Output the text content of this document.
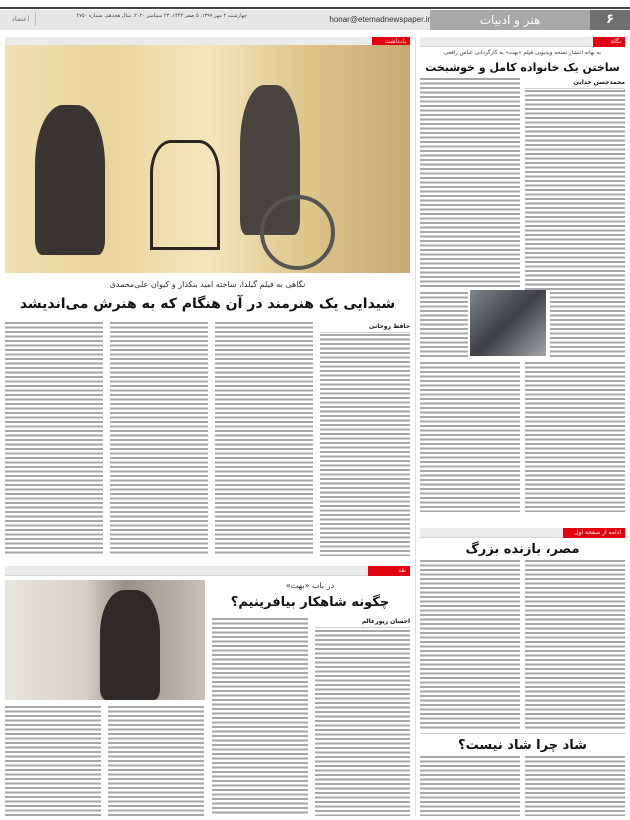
۶
هنر و ادبیات
honar@etemadnewspaper.ir
چهارشنبه ۲ مهر ۱۳۹۹، ۵ صفر ۱۴۴۲، ۲۳ سپتامبر ۲۰۲۰، سال هجدهم، شماره ۴۷۵۰
اعتماد
نگاه
به بهانه انتشار نسخه ویدیویی فیلم «بهت» به کارگردانی عباس رافعی
ساختن یک خانواده کامل و خوشبخت
محمدحسن خدایی
ادامه از صفحه اول
مصر، بازنده بزرگ
شاد چرا شاد نیست؟
یادداشت
نگاهی به فیلم گیلدا، ساخته امید بنکدار و کیوان علی‌محمدی
شیدایی یک هنرمند در آن هنگام که به هنرش می‌اندیشد
حافظ روحانی
نقد
در باب «بهت»
چگونه شاهکار بیافرینیم؟
احسان زیورعالم
